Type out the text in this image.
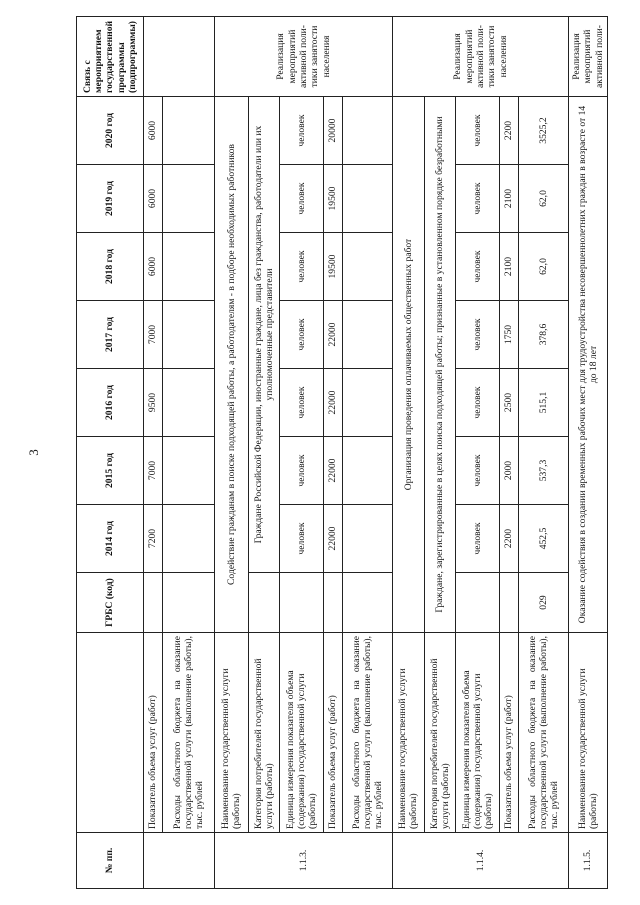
3
№ пп.		ГРБС (код)	2014 год	2015 год	2016 год	2017 год	2018 год	2019 год	2020 год	Связь с мероприятием государственной программы (подпрограммы)
	Показатель объема услуг (работ)		7200	7000	9500	7000	6000	6000	6000	
	Расходы областного бюджета на оказание государственной услуги (выполнение работы), тыс. рублей									
1.1.3.	Наименование государственной услуги (работы)	Содействие гражданам в поиске подходящей работы, а работодателям - в подборе необходимых работников								Реализация мероприятий активной политики занятости населения
	Категория потребителей государственной услуги (работы)		Граждане Российской Федерации, иностранные граждане, лица без гражданства, работодатели или их уполномоченные представители							
	Единица измерения показателя объема (содержания) государственной услуги (работы)		человек	человек	человек	человек	человек	человек	человек	
	Показатель объема услуг (работ)		22000	22000	22000	22000	19500	19500	20000	
	Расходы областного бюджета на оказание государственной услуги (выполнение работы), тыс. рублей									
1.1.4.	Наименование государственной услуги (работы)	Организация проведения оплачиваемых общественных работ								Реализация мероприятий активной политики занятости населения
	Категория потребителей государственной услуги (работы)	Граждане, зарегистрированные в целях поиска подходящей работы; признанные в установленном порядке безработными								
	Единица измерения показателя объема (содержания) государственной услуги (работы)		человек	человек	человек	человек	человек	человек	человек	
	Показатель объема услуг (работ)		2200	2000	2500	1750	2100	2100	2200	
	Расходы областного бюджета на оказание государственной услуги (выполнение работы), тыс. рублей	029	452,5	537,3	515,1	378,6	62,0	62,0	3525,2	
1.1.5.	Наименование государственной услуги (работы)	Оказание содействия в создании временных рабочих мест для трудоустройства несовершеннолетних граждан в возрасте от 14 до 18 лет								Реализация мероприятий активной поли-
